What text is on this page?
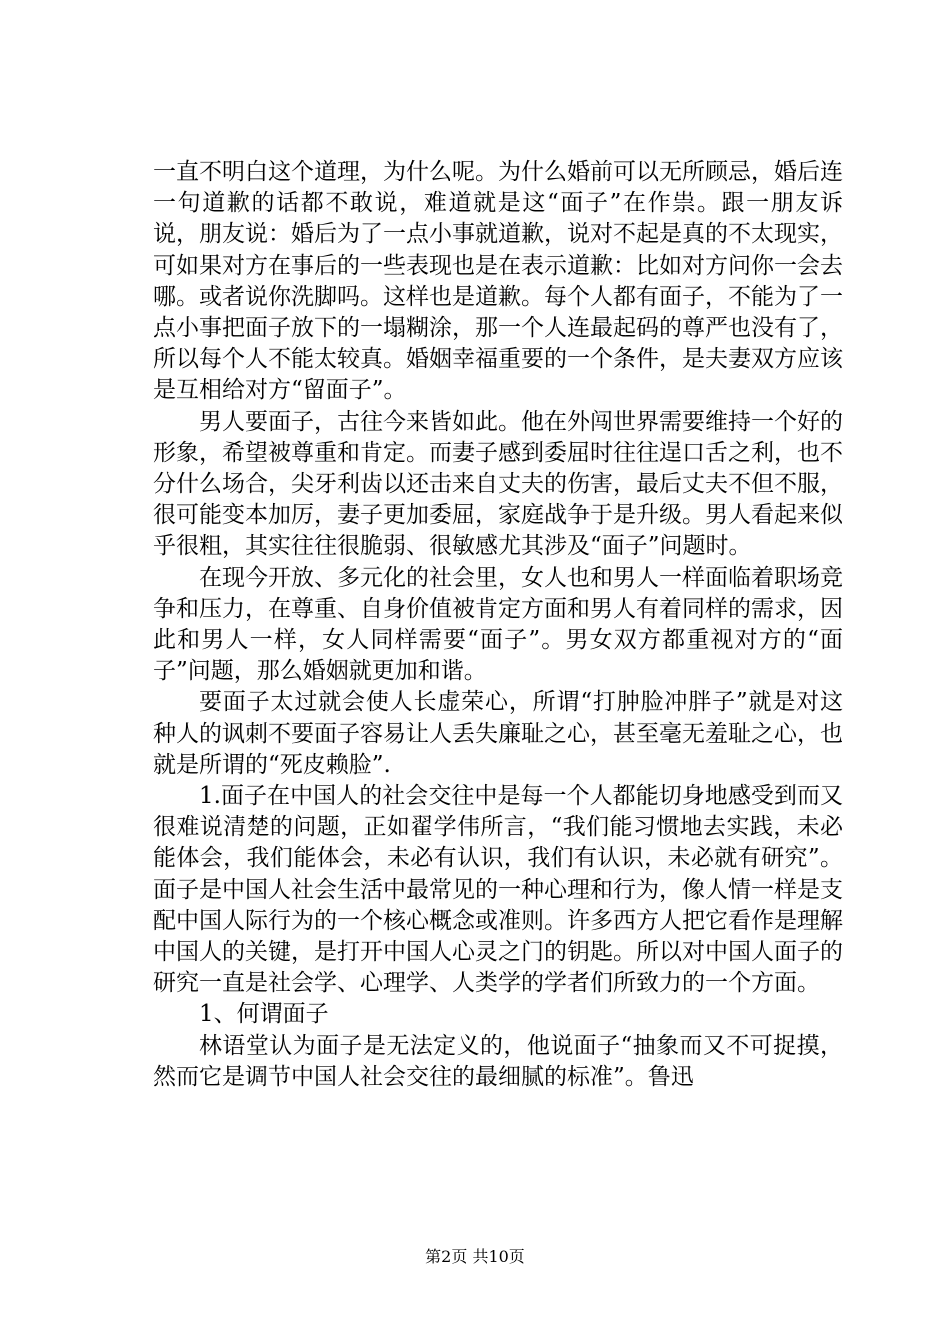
一直不明白这个道理，为什么呢。为什么婚前可以无所顾忌，婚后连一句道歉的话都不敢说，难道就是这“面子”在作祟。跟一朋友诉说，朋友说：婚后为了一点小事就道歉，说对不起是真的不太现实，可如果对方在事后的一些表现也是在表示道歉：比如对方问你一会去哪。或者说你洗脚吗。这样也是道歉。每个人都有面子，不能为了一点小事把面子放下的一塌糊涂，那一个人连最起码的尊严也没有了，所以每个人不能太较真。婚姻幸福重要的一个条件，是夫妻双方应该是互相给对方“留面子”。

男人要面子，古往今来皆如此。他在外闯世界需要维持一个好的形象，希望被尊重和肯定。而妻子感到委屈时往往逞口舌之利，也不分什么场合，尖牙利齿以还击来自丈夫的伤害，最后丈夫不但不服，很可能变本加厉，妻子更加委屈，家庭战争于是升级。男人看起来似乎很粗，其实往往很脆弱、很敏感尤其涉及“面子”问题时。

在现今开放、多元化的社会里，女人也和男人一样面临着职场竞争和压力，在尊重、自身价值被肯定方面和男人有着同样的需求，因此和男人一样，女人同样需要“面子”。男女双方都重视对方的“面子”问题，那么婚姻就更加和谐。

要面子太过就会使人长虚荣心，所谓“打肿脸冲胖子”就是对这种人的讽刺不要面子容易让人丢失廉耻之心，甚至毫无羞耻之心，也就是所谓的“死皮赖脸”.

1.面子在中国人的社会交往中是每一个人都能切身地感受到而又很难说清楚的问题，正如翟学伟所言，“我们能习惯地去实践，未必能体会，我们能体会，未必有认识，我们有认识，未必就有研究”。面子是中国人社会生活中最常见的一种心理和行为，像人情一样是支配中国人际行为的一个核心概念或准则。许多西方人把它看作是理解中国人的关键，是打开中国人心灵之门的钥匙。所以对中国人面子的研究一直是社会学、心理学、人类学的学者们所致力的一个方面。

1、何谓面子

林语堂认为面子是无法定义的，他说面子“抽象而又不可捉摸，然而它是调节中国人社会交往的最细腻的标准”。鲁迅

第2页 共10页
